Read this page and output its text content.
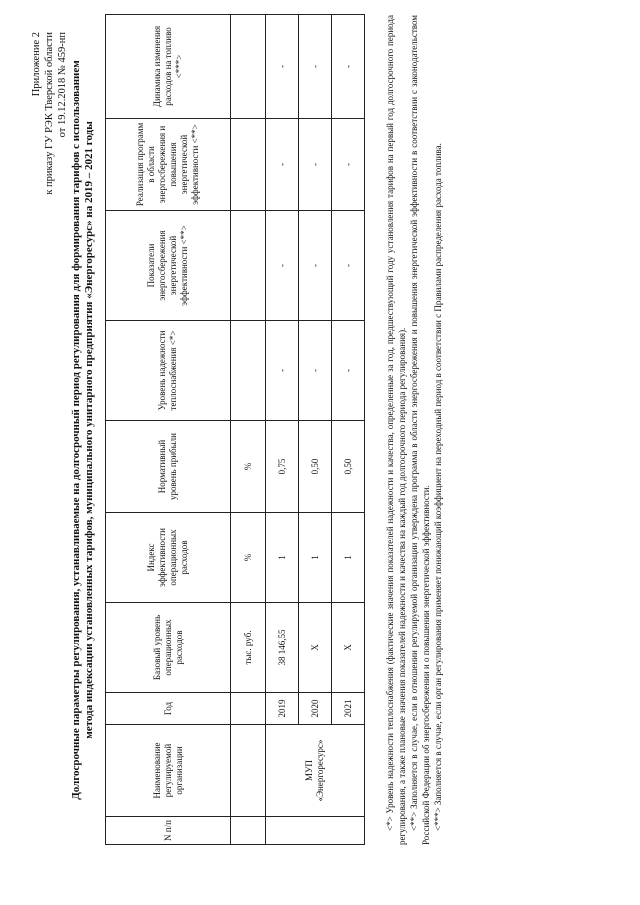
Приложение 2 к приказу ГУ РЭК Тверской области от 19.12.2018 № 459-нп Долгосрочные параметры регулирования, устанавливаемые на долгосрочный период регулирования для формирования тарифов с использованием метода индексации установленных тарифов, муниципального унитарного предприятия «Энергоресурс» на 2019 – 2021 годы
N п/п	Наименование регулируемой организации	Год	Базовый уровень операционных расходов	Индекс эффективности операционных расходов	Нормативный уровень прибыли	Уровень надежности теплоснабжения <*>	Показатели энергосбережения энергетической эффективности <**>	Реализация программ в области энергосбережения и повышения энергетической эффективности <**>	Динамика изменения расходов на топливо <***>
			тыс. руб.	%	%				

	МУП «Энергоресурс»	2019	38 146,55	1	0,75	-	-	-	-
		2020	Х	1	0,50	-	-	-	-
		2021	Х	1	0,50	-	-	-	-	<*> Уровень надежности теплоснабжения (фактические значения показателей надежности и качества, определенные за год, предшествующий году установления тарифов на первый год долгосрочного периода регулирования, а также плановые значения показателей надежности и качества на каждый год долгосрочного периода регулирования). <**> Заполняется в случае, если в отношении регулируемой организации утверждена программа в области энергосбережения и повышения энергетической эффективности в соответствии с законодательством Российской Федерации об энергосбережении и о повышении энергетической эффективности. <***> Заполняется в случае, если орган регулирования применяет понижающий коэффициент на переходный период в соответствии с Правилами распределения расхода топлива.
